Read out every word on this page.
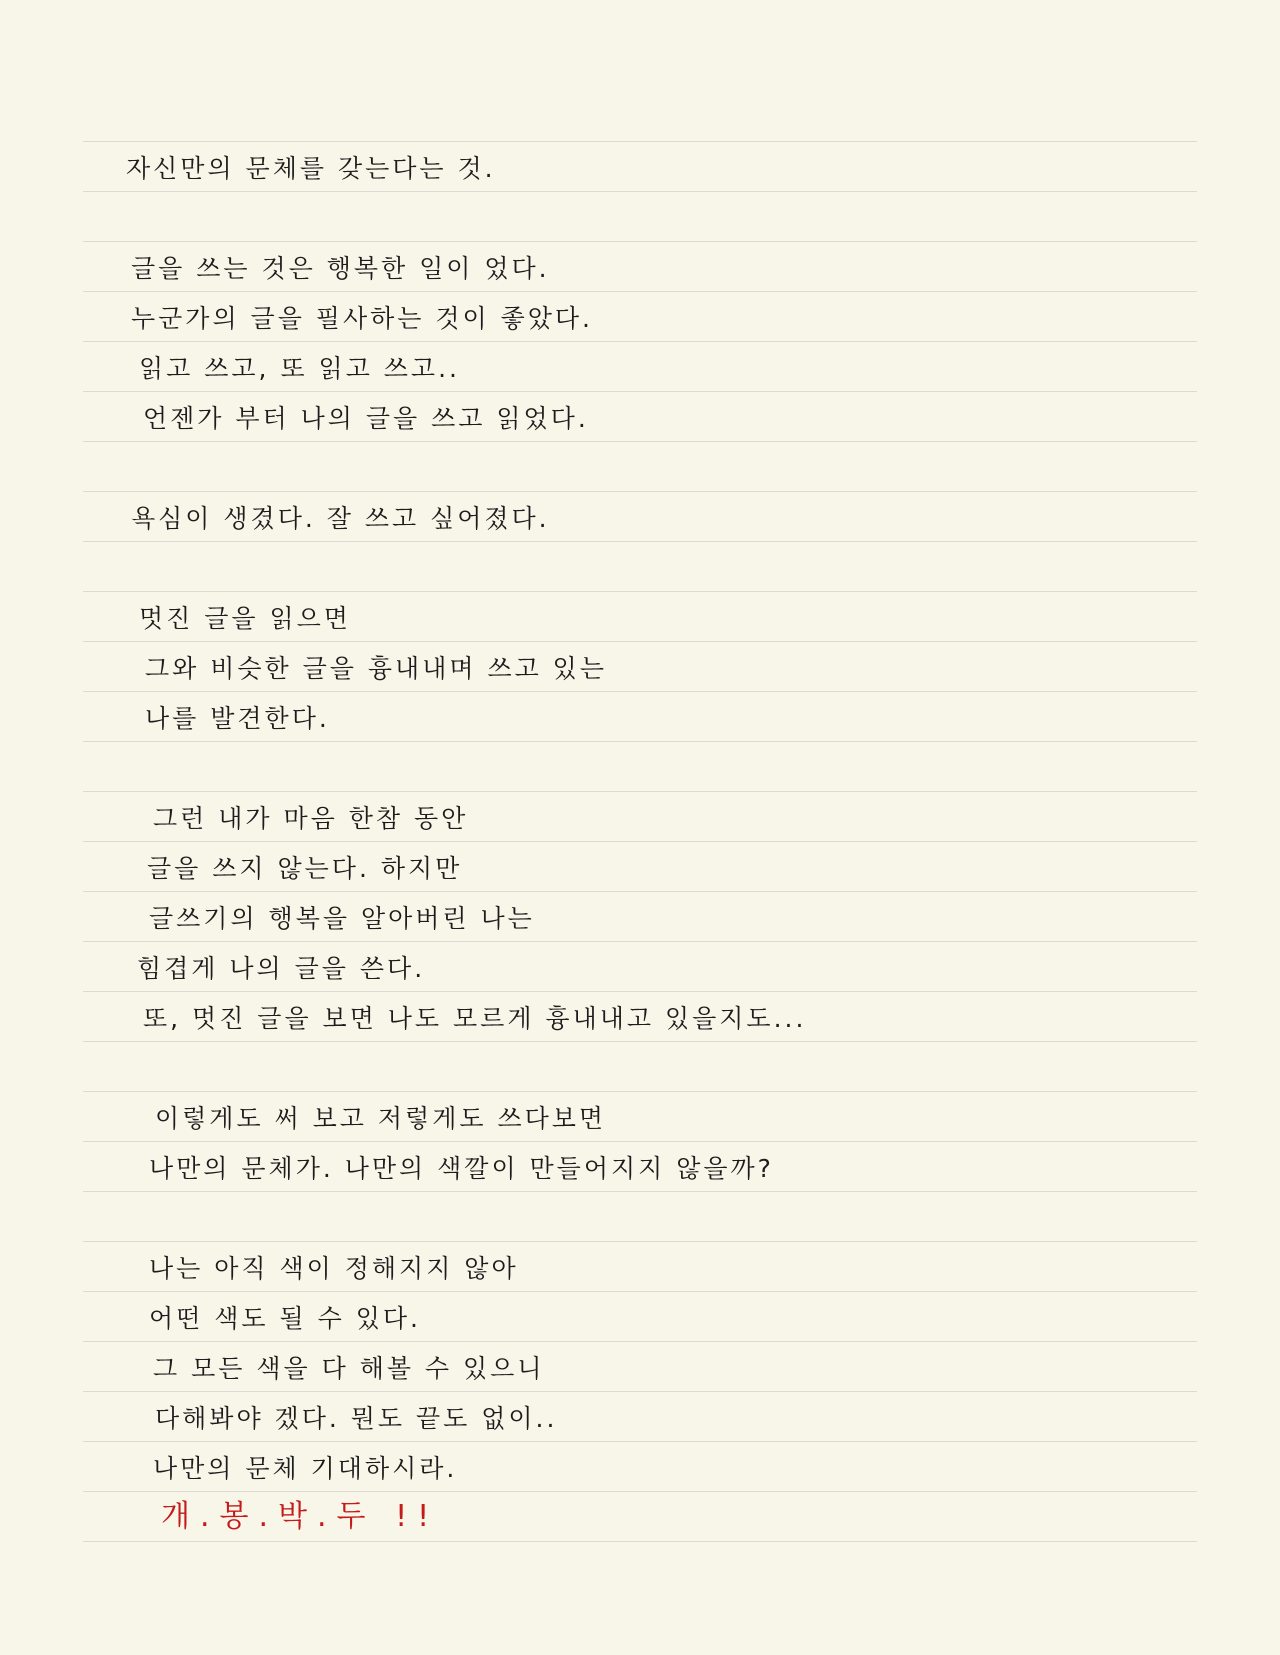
자신만의 문체를 갖는다는 것.
글을 쓰는 것은 행복한 일이 었다.
누군가의 글을 필사하는 것이 좋았다.
읽고 쓰고, 또 읽고 쓰고..
언젠가 부터 나의 글을 쓰고 읽었다.
욕심이 생겼다. 잘 쓰고 싶어졌다.
멋진 글을 읽으면
그와 비슷한 글을 흉내내며 쓰고 있는
나를 발견한다.
그런 내가 마음 한참 동안
글을 쓰지 않는다. 하지만
글쓰기의 행복을 알아버린 나는
힘겹게 나의 글을 쓴다.
또, 멋진 글을 보면 나도 모르게 흉내내고 있을지도...
이렇게도 써 보고 저렇게도 쓰다보면
나만의 문체가. 나만의 색깔이 만들어지지 않을까?
나는 아직 색이 정해지지 않아
어떤 색도 될 수 있다.
그 모든 색을 다 해볼 수 있으니
다해봐야 겠다. 뭔도 끝도 없이..
나만의 문체 기대하시라.
개.봉.박.두 !!
